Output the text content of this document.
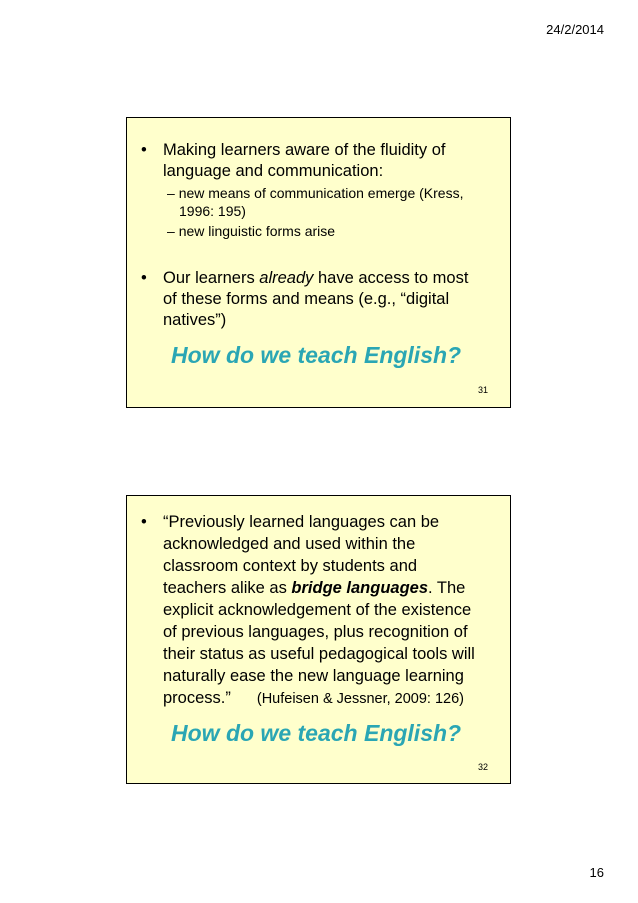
24/2/2014
• Making learners aware of the fluidity of
language and communication:
– new means of communication emerge (Kress,
1996: 195)
– new linguistic forms arise
• Our learners already have access to most
of these forms and means (e.g., “digital
natives”)
How do we teach English?
31
• “Previously learned languages can be
acknowledged and used within the
classroom context by students and
teachers alike as bridge languages. The
explicit acknowledgement of the existence
of previous languages, plus recognition of
their status as useful pedagogical tools will
naturally ease the new language learning
process.” (Hufeisen & Jessner, 2009: 126)
How do we teach English?
32
16
